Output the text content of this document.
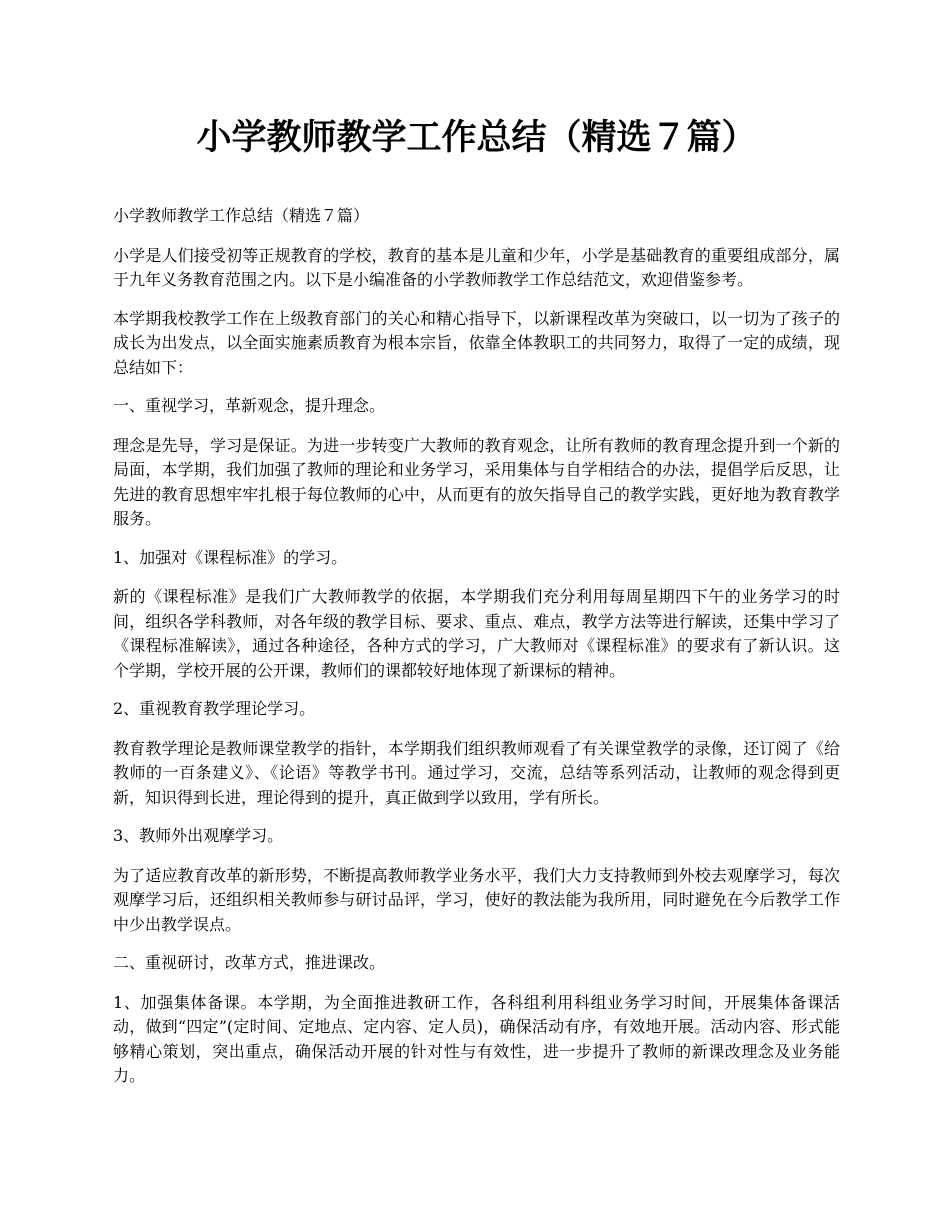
小学教师教学工作总结（精选７篇）

小学教师教学工作总结（精选７篇）

小学是人们接受初等正规教育的学校，教育的基本是儿童和少年，小学是基础教育的重要组成部分，属于九年义务教育范围之内。以下是小编准备的小学教师教学工作总结范文，欢迎借鉴参考。

本学期我校教学工作在上级教育部门的关心和精心指导下，以新课程改革为突破口，以一切为了孩子的成长为出发点，以全面实施素质教育为根本宗旨，依靠全体教职工的共同努力，取得了一定的成绩，现总结如下：

一、重视学习，革新观念，提升理念。

理念是先导，学习是保证。为进一步转变广大教师的教育观念，让所有教师的教育理念提升到一个新的局面，本学期，我们加强了教师的理论和业务学习，采用集体与自学相结合的办法，提倡学后反思，让先进的教育思想牢牢扎根于每位教师的心中，从而更有的放矢指导自己的教学实践，更好地为教育教学服务。

1、加强对《课程标准》的学习。

新的《课程标准》是我们广大教师教学的依据，本学期我们充分利用每周星期四下午的业务学习的时间，组织各学科教师，对各年级的教学目标、要求、重点、难点，教学方法等进行解读，还集中学习了《课程标准解读》，通过各种途径，各种方式的学习，广大教师对《课程标准》的要求有了新认识。这个学期，学校开展的公开课，教师们的课都较好地体现了新课标的精神。

2、重视教育教学理论学习。

教育教学理论是教师课堂教学的指针，本学期我们组织教师观看了有关课堂教学的录像，还订阅了《给教师的一百条建义》、《论语》等教学书刊。通过学习，交流，总结等系列活动，让教师的观念得到更新，知识得到长进，理论得到的提升，真正做到学以致用，学有所长。

3、教师外出观摩学习。

为了适应教育改革的新形势，不断提高教师教学业务水平，我们大力支持教师到外校去观摩学习，每次观摩学习后，还组织相关教师参与研讨品评，学习，使好的教法能为我所用，同时避免在今后教学工作中少出教学误点。

二、重视研讨，改革方式，推进课改。

1、加强集体备课。本学期，为全面推进教研工作，各科组利用科组业务学习时间，开展集体备课活动，做到“四定”(定时间、定地点、定内容、定人员)，确保活动有序，有效地开展。活动内容、形式能够精心策划，突出重点，确保活动开展的针对性与有效性，进一步提升了教师的新课改理念及业务能力。
